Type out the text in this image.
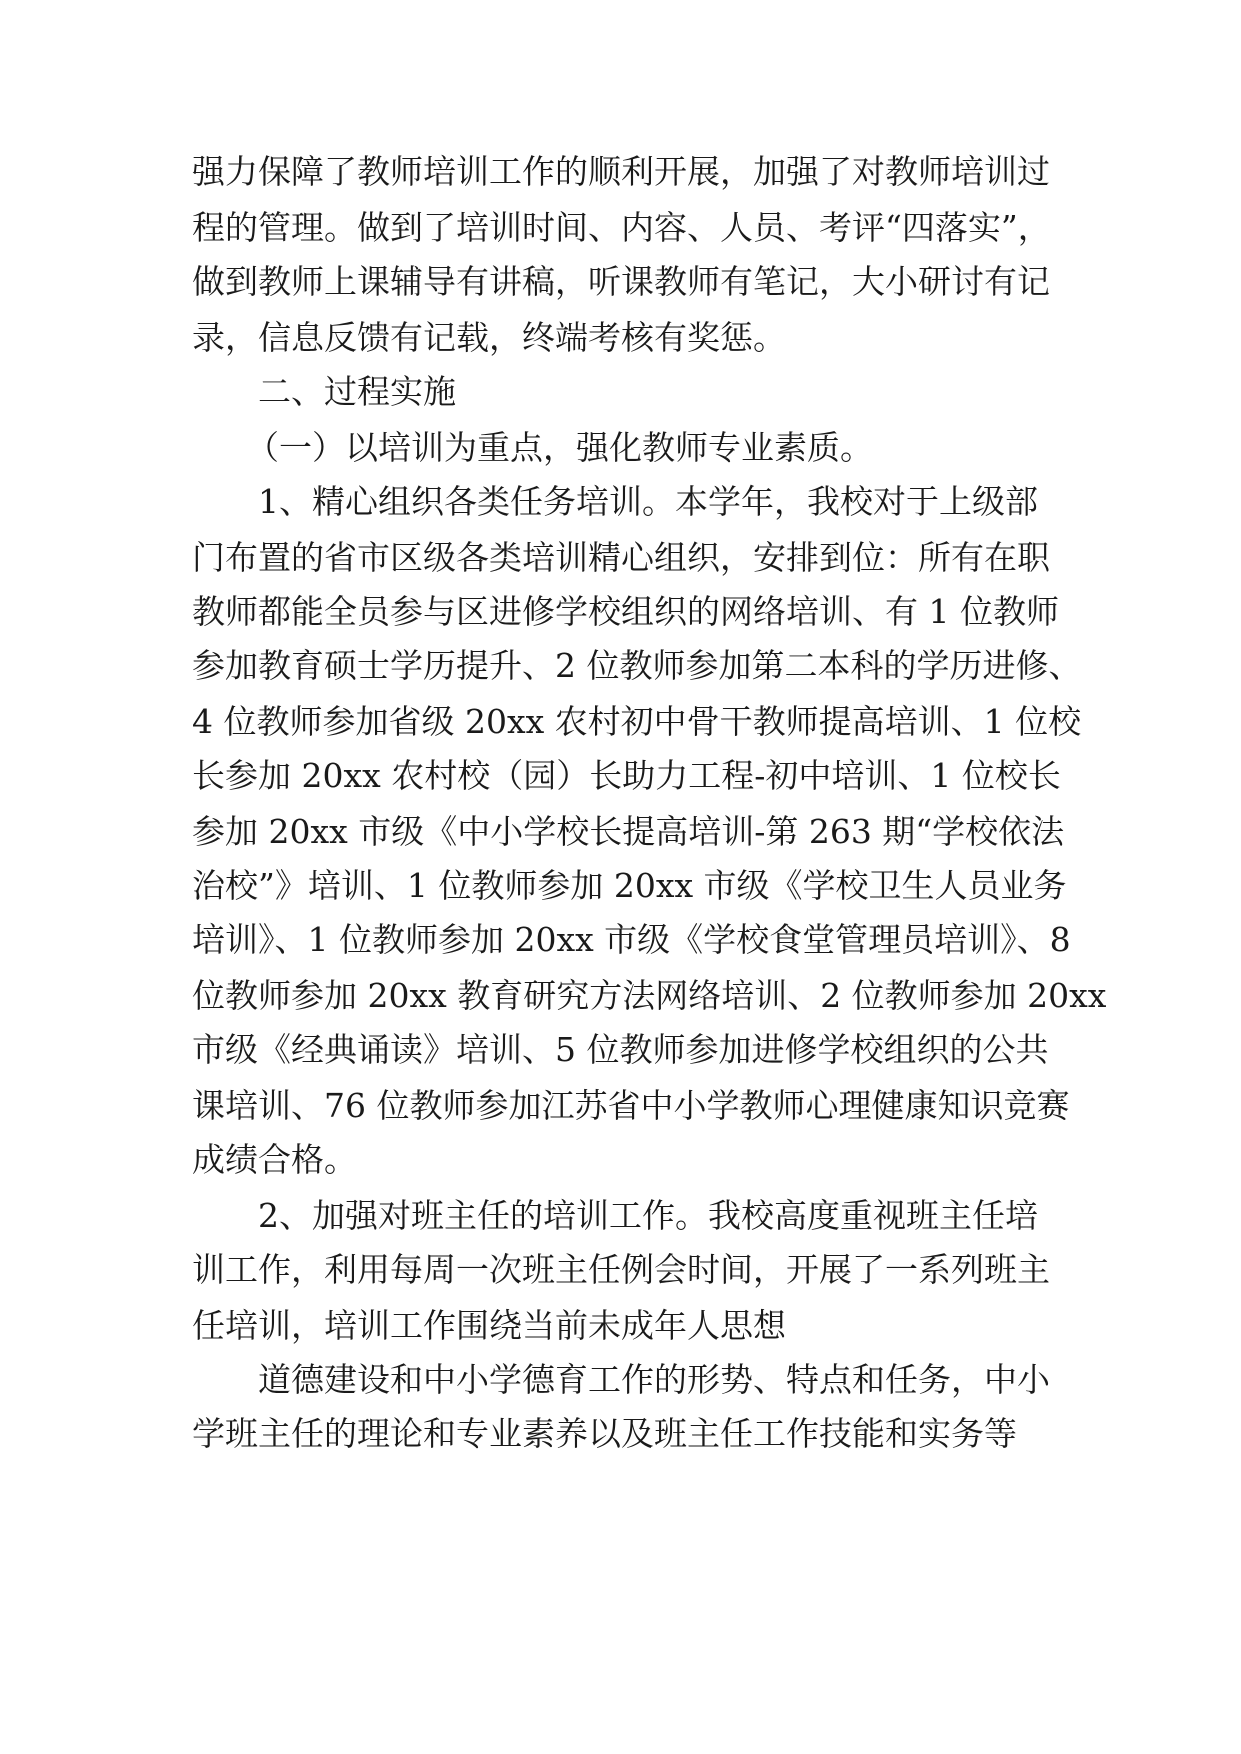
强力保障了教师培训工作的顺利开展，加强了对教师培训过

程的管理。做到了培训时间、内容、人员、考评“四落实”，

做到教师上课辅导有讲稿，听课教师有笔记，大小研讨有记

录，信息反馈有记载，终端考核有奖惩。

二、过程实施

（一）以培训为重点，强化教师专业素质。

1、精心组织各类任务培训。本学年，我校对于上级部

门布置的省市区级各类培训精心组织，安排到位：所有在职

教师都能全员参与区进修学校组织的网络培训、有 1 位教师

参加教育硕士学历提升、2 位教师参加第二本科的学历进修、

4 位教师参加省级 20xx 农村初中骨干教师提高培训、1 位校

长参加 20xx 农村校（园）长助力工程-初中培训、1 位校长

参加 20xx 市级《中小学校长提高培训-第 263 期“学校依法

治校”》培训、1 位教师参加 20xx 市级《学校卫生人员业务

培训》、1 位教师参加 20xx 市级《学校食堂管理员培训》、8

位教师参加 20xx 教育研究方法网络培训、2 位教师参加 20xx

市级《经典诵读》培训、5 位教师参加进修学校组织的公共

课培训、76 位教师参加江苏省中小学教师心理健康知识竞赛

成绩合格。

2、加强对班主任的培训工作。我校高度重视班主任培

训工作，利用每周一次班主任例会时间，开展了一系列班主

任培训，培训工作围绕当前未成年人思想

道德建设和中小学德育工作的形势、特点和任务，中小

学班主任的理论和专业素养以及班主任工作技能和实务等
